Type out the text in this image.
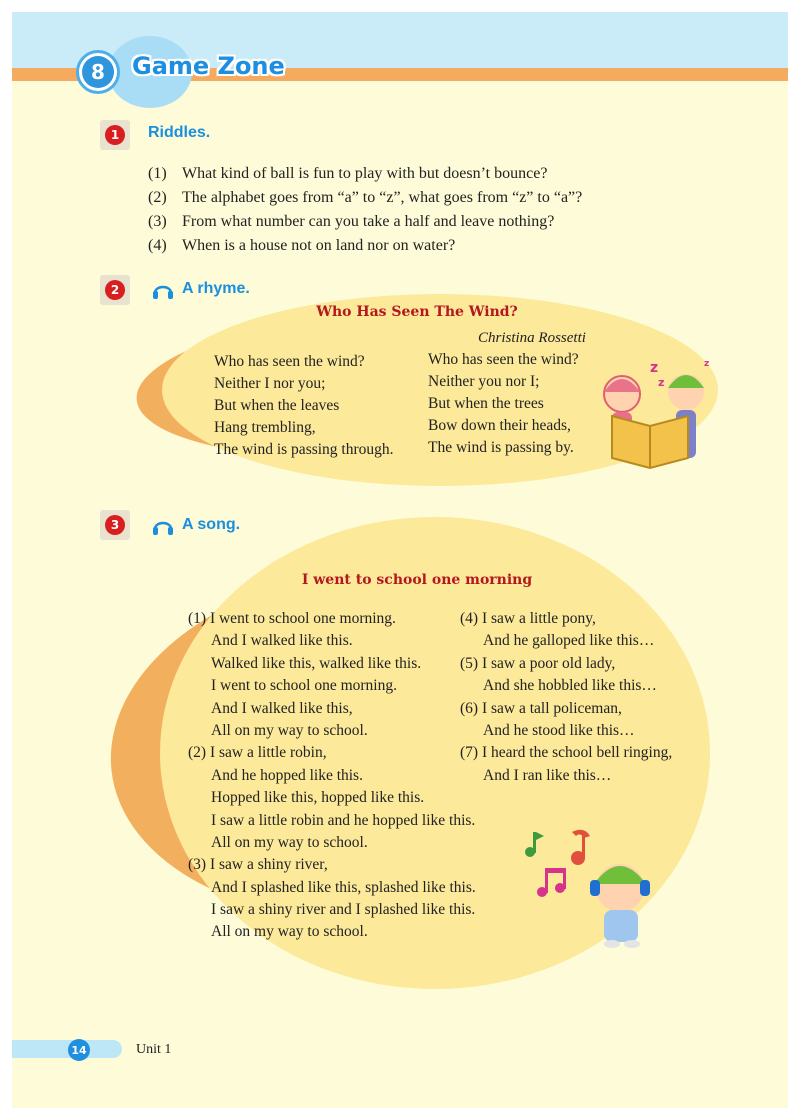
8	Game Zone
1	Riddles.
(1) What kind of ball is fun to play with but doesn’t bounce?
(2) The alphabet goes from “a” to “z”, what goes from “z” to “a”?
(3) From what number can you take a half and leave nothing?
(4) When is a house not on land nor on water?
2	A rhyme.
Who Has Seen The Wind?
Christina Rossetti
Who has seen the wind?
Neither I nor you;
But when the leaves
Hang trembling,
The wind is passing through.
Who has seen the wind?
Neither you nor I;
But when the trees
Bow down their heads,
The wind is passing by.
z
z
z
3	A song.
I went to school one morning
(1) I went to school one morning.
And I walked like this.
Walked like this, walked like this.
I went to school one morning.
And I walked like this,
All on my way to school.
(2) I saw a little robin,
And he hopped like this.
Hopped like this, hopped like this.
I saw a little robin and he hopped like this.
All on my way to school.
(3) I saw a shiny river,
And I splashed like this, splashed like this.
I saw a shiny river and I splashed like this.
All on my way to school.
(4) I saw a little pony,
And he galloped like this…
(5) I saw a poor old lady,
And she hobbled like this…
(6) I saw a tall policeman,
And he stood like this…
(7) I heard the school bell ringing,
And I ran like this…
14	Unit 1
